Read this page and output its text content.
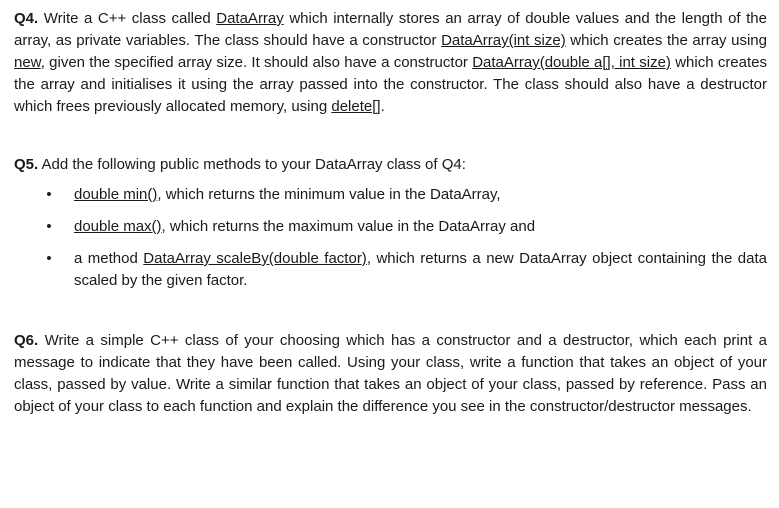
Q4. Write a C++ class called DataArray which internally stores an array of double values and the length of the array, as private variables. The class should have a constructor DataArray(int size) which creates the array using new, given the specified array size. It should also have a constructor DataArray(double a[], int size) which creates the array and initialises it using the array passed into the constructor. The class should also have a destructor which frees previously allocated memory, using delete[].

Q5. Add the following public methods to your DataArray class of Q4:

• double min(), which returns the minimum value in the DataArray,
• double max(), which returns the maximum value in the DataArray and
• a method DataArray scaleBy(double factor), which returns a new DataArray object containing the data scaled by the given factor.

Q6. Write a simple C++ class of your choosing which has a constructor and a destructor, which each print a message to indicate that they have been called. Using your class, write a function that takes an object of your class, passed by value. Write a similar function that takes an object of your class, passed by reference. Pass an object of your class to each function and explain the difference you see in the constructor/destructor messages.
